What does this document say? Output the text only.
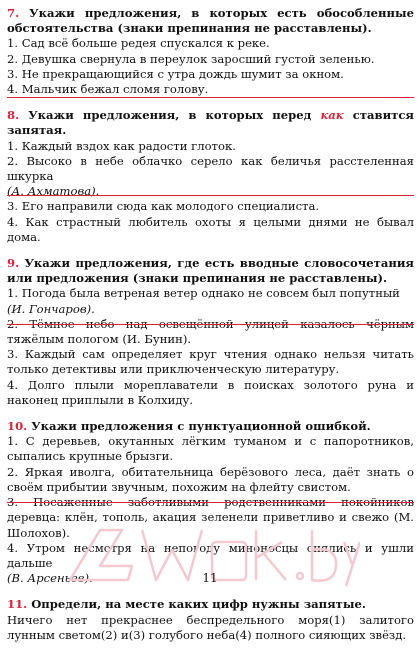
7. Укажи предложения, в которых есть обособленные обстоятельства (знаки препинания не расставлены).

1. Сад всё больше редея спускался к реке.

2. Девушка свернула в переулок заросший густой зеленью.

3. Не прекращающийся с утра дождь шумит за окном.

4. Мальчик бежал сломя голову.

8. Укажи предложения, в которых перед как ставится запятая.

1. Каждый вздох как радости глоток.

2. Высоко в небе облачко серело как беличья расстеленная шкурка

(А. Ахматова).

3. Его направили сюда как молодого специалиста.

4. Как страстный любитель охоты я целыми днями не бывал дома.

9. Укажи предложения, где есть вводные словосочетания или предложения (знаки препинания не расставлены).

1. Погода была ветреная ветер однако не совсем был попутный

(И. Гончаров).

2. Тёмное небо над освещённой улицей казалось чёрным тяжёлым пологом (И. Бунин).

3. Каждый сам определяет круг чтения однако нельзя читать только детективы или приключенческую литературу.

4. Долго плыли мореплаватели в поисках золотого руна и наконец приплыли в Колхиду.

10. Укажи предложения с пунктуационной ошибкой.

1. С деревьев, окутанных лёгким туманом и с папоротников, сыпались крупные брызги.

2. Яркая иволга, обитательница берёзового леса, даёт знать о своём прибытии звучным, похожим на флейту свистом.

3. Посаженные заботливыми родственниками покойников деревца: клён, тополь, акация зеленели приветливо и свежо (М. Шолохов).

4. Утром несмотря на непогоду миноносцы снялись и ушли дальше

(В. Арсеньев).

11. Определи, на месте каких цифр нужны запятые.

Ничего нет прекраснее беспредельного моря(1) залитого лунным светом(2) и(3) голубого неба(4) полного сияющих звёзд.

11
